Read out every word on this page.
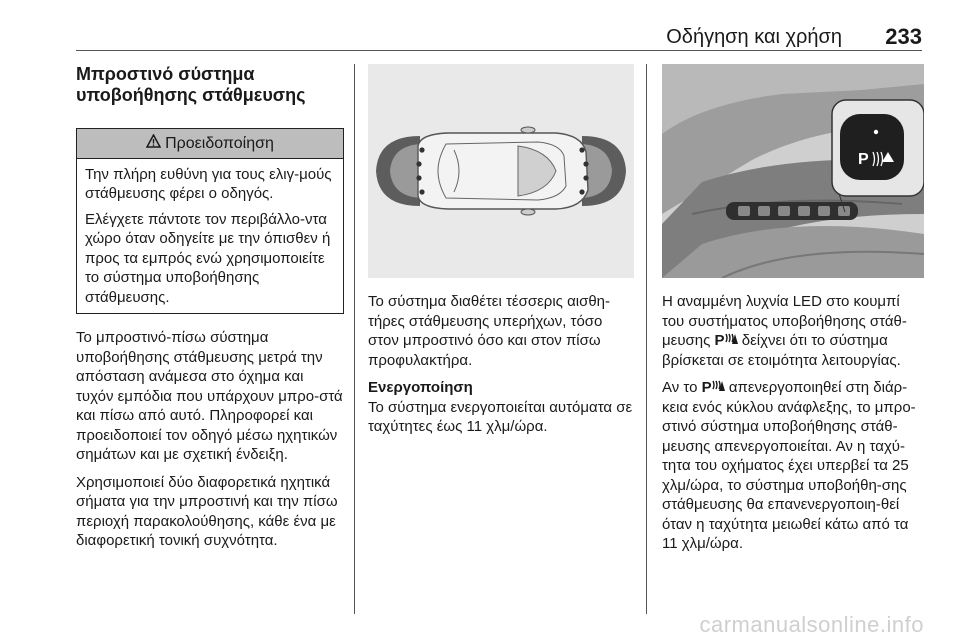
Οδήγηση και χρήση 233
Μπροστινό σύστημα υποβοήθησης στάθμευσης
Προειδοποίηση

Την πλήρη ευθύνη για τους ελιγ-μούς στάθμευσης φέρει ο οδηγός.

Ελέγχετε πάντοτε τον περιβάλλο-ντα χώρο όταν οδηγείτε με την όπισθεν ή προς τα εμπρός ενώ χρησιμοποιείτε το σύστημα υποβοήθησης στάθμευσης.

Το μπροστινό-πίσω σύστημα υποβοήθησης στάθμευσης μετρά την απόσταση ανάμεσα στο όχημα και τυχόν εμπόδια που υπάρχουν μπρο-στά και πίσω από αυτό. Πληροφορεί και προειδοποιεί τον οδηγό μέσω ηχητικών σημάτων και με σχετική ένδειξη.

Χρησιμοποιεί δύο διαφορετικά ηχητικά σήματα για την μπροστινή και την πίσω περιοχή παρακολούθησης, κάθε ένα με διαφορετική τονική συχνότητα.

Το σύστημα διαθέτει τέσσερις αισθη-τήρες στάθμευσης υπερήχων, τόσο στον μπροστινό όσο και στον πίσω προφυλακτήρα.

Ενεργοποίηση

Το σύστημα ενεργοποιείται αυτόματα σε ταχύτητες έως 11 χλμ/ώρα.

P

Η αναμμένη λυχνία LED στο κουμπί του συστήματος υποβοήθησης στάθ-μευσης P δείχνει ότι το σύστημα βρίσκεται σε ετοιμότητα λειτουργίας.

Αν το P απενεργοποιηθεί στη διάρ-κεια ενός κύκλου ανάφλεξης, το μπρο-στινό σύστημα υποβοήθησης στάθ-μευσης απενεργοποιείται. Αν η ταχύ-τητα του οχήματος έχει υπερβεί τα 25 χλμ/ώρα, το σύστημα υποβοήθη-σης στάθμευσης θα επανενεργοποιη-θεί όταν η ταχύτητα μειωθεί κάτω από τα 11 χλμ/ώρα.

carmanualsonline.info
